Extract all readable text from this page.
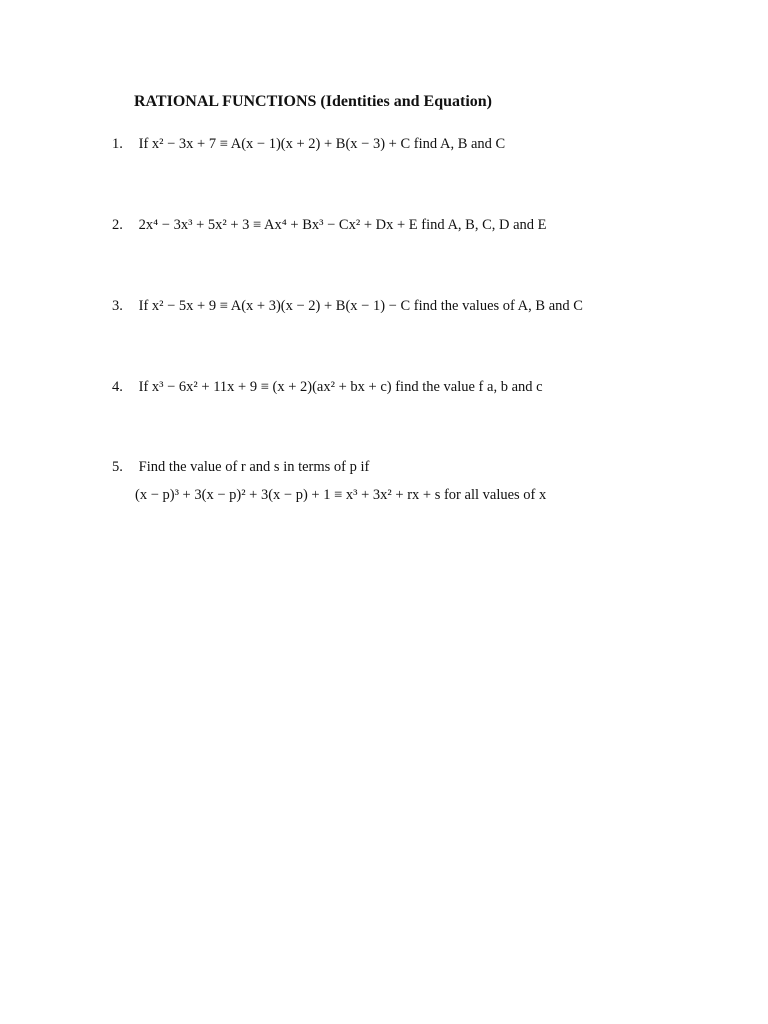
RATIONAL FUNCTIONS (Identities and Equation)
1. If x² − 3x + 7 ≡ A(x − 1)(x + 2) + B(x − 3) + C find A, B and C
2. 2x⁴ − 3x³ + 5x² + 3 ≡ Ax⁴ + Bx³ − Cx² + Dx + E find A, B, C, D and E
3. If x² − 5x + 9 ≡ A(x + 3)(x − 2) + B(x − 1) − C find the values of A, B and C
4. If x³ − 6x² + 11x + 9 ≡ (x + 2)(ax² + bx + c) find the value f a, b and c
5. Find the value of r and s in terms of p if
(x − p)³ + 3(x − p)² + 3(x − p) + 1 ≡ x³ + 3x² + rx + s for all values of x
